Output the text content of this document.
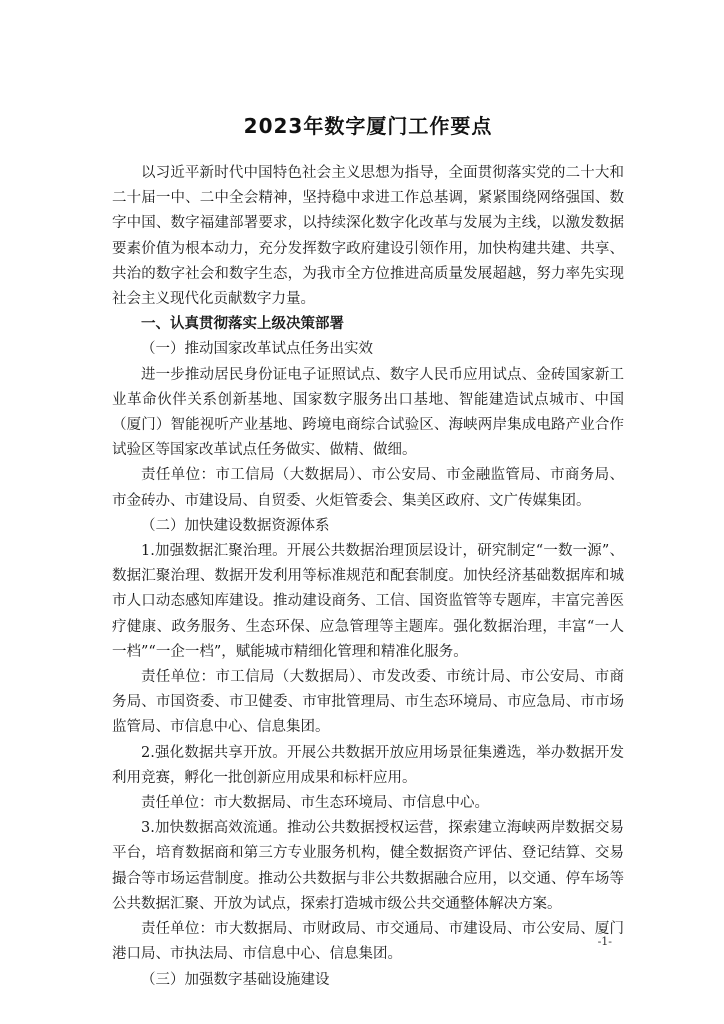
2023年数字厦门工作要点

以习近平新时代中国特色社会主义思想为指导，全面贯彻落实党的二十大和二十届一中、二中全会精神，坚持稳中求进工作总基调，紧紧围绕网络强国、数字中国、数字福建部署要求，以持续深化数字化改革与发展为主线，以激发数据要素价值为根本动力，充分发挥数字政府建设引领作用，加快构建共建、共享、共治的数字社会和数字生态，为我市全方位推进高质量发展超越，努力率先实现社会主义现代化贡献数字力量。

一、认真贯彻落实上级决策部署

（一）推动国家改革试点任务出实效

进一步推动居民身份证电子证照试点、数字人民币应用试点、金砖国家新工业革命伙伴关系创新基地、国家数字服务出口基地、智能建造试点城市、中国（厦门）智能视听产业基地、跨境电商综合试验区、海峡两岸集成电路产业合作试验区等国家改革试点任务做实、做精、做细。

责任单位：市工信局（大数据局）、市公安局、市金融监管局、市商务局、市金砖办、市建设局、自贸委、火炬管委会、集美区政府、文广传媒集团。

（二）加快建设数据资源体系

1.加强数据汇聚治理。开展公共数据治理顶层设计，研究制定“一数一源”、数据汇聚治理、数据开发利用等标准规范和配套制度。加快经济基础数据库和城市人口动态感知库建设。推动建设商务、工信、国资监管等专题库，丰富完善医疗健康、政务服务、生态环保、应急管理等主题库。强化数据治理，丰富“一人一档”“一企一档”，赋能城市精细化管理和精准化服务。

责任单位：市工信局（大数据局）、市发改委、市统计局、市公安局、市商务局、市国资委、市卫健委、市审批管理局、市生态环境局、市应急局、市市场监管局、市信息中心、信息集团。

2.强化数据共享开放。开展公共数据开放应用场景征集遴选，举办数据开发利用竞赛，孵化一批创新应用成果和标杆应用。

责任单位：市大数据局、市生态环境局、市信息中心。

3.加快数据高效流通。推动公共数据授权运营，探索建立海峡两岸数据交易平台，培育数据商和第三方专业服务机构，健全数据资产评估、登记结算、交易撮合等市场运营制度。推动公共数据与非公共数据融合应用，以交通、停车场等公共数据汇聚、开放为试点，探索打造城市级公共交通整体解决方案。

责任单位：市大数据局、市财政局、市交通局、市建设局、市公安局、厦门港口局、市执法局、市信息中心、信息集团。

（三）加强数字基础设施建设

-1-
